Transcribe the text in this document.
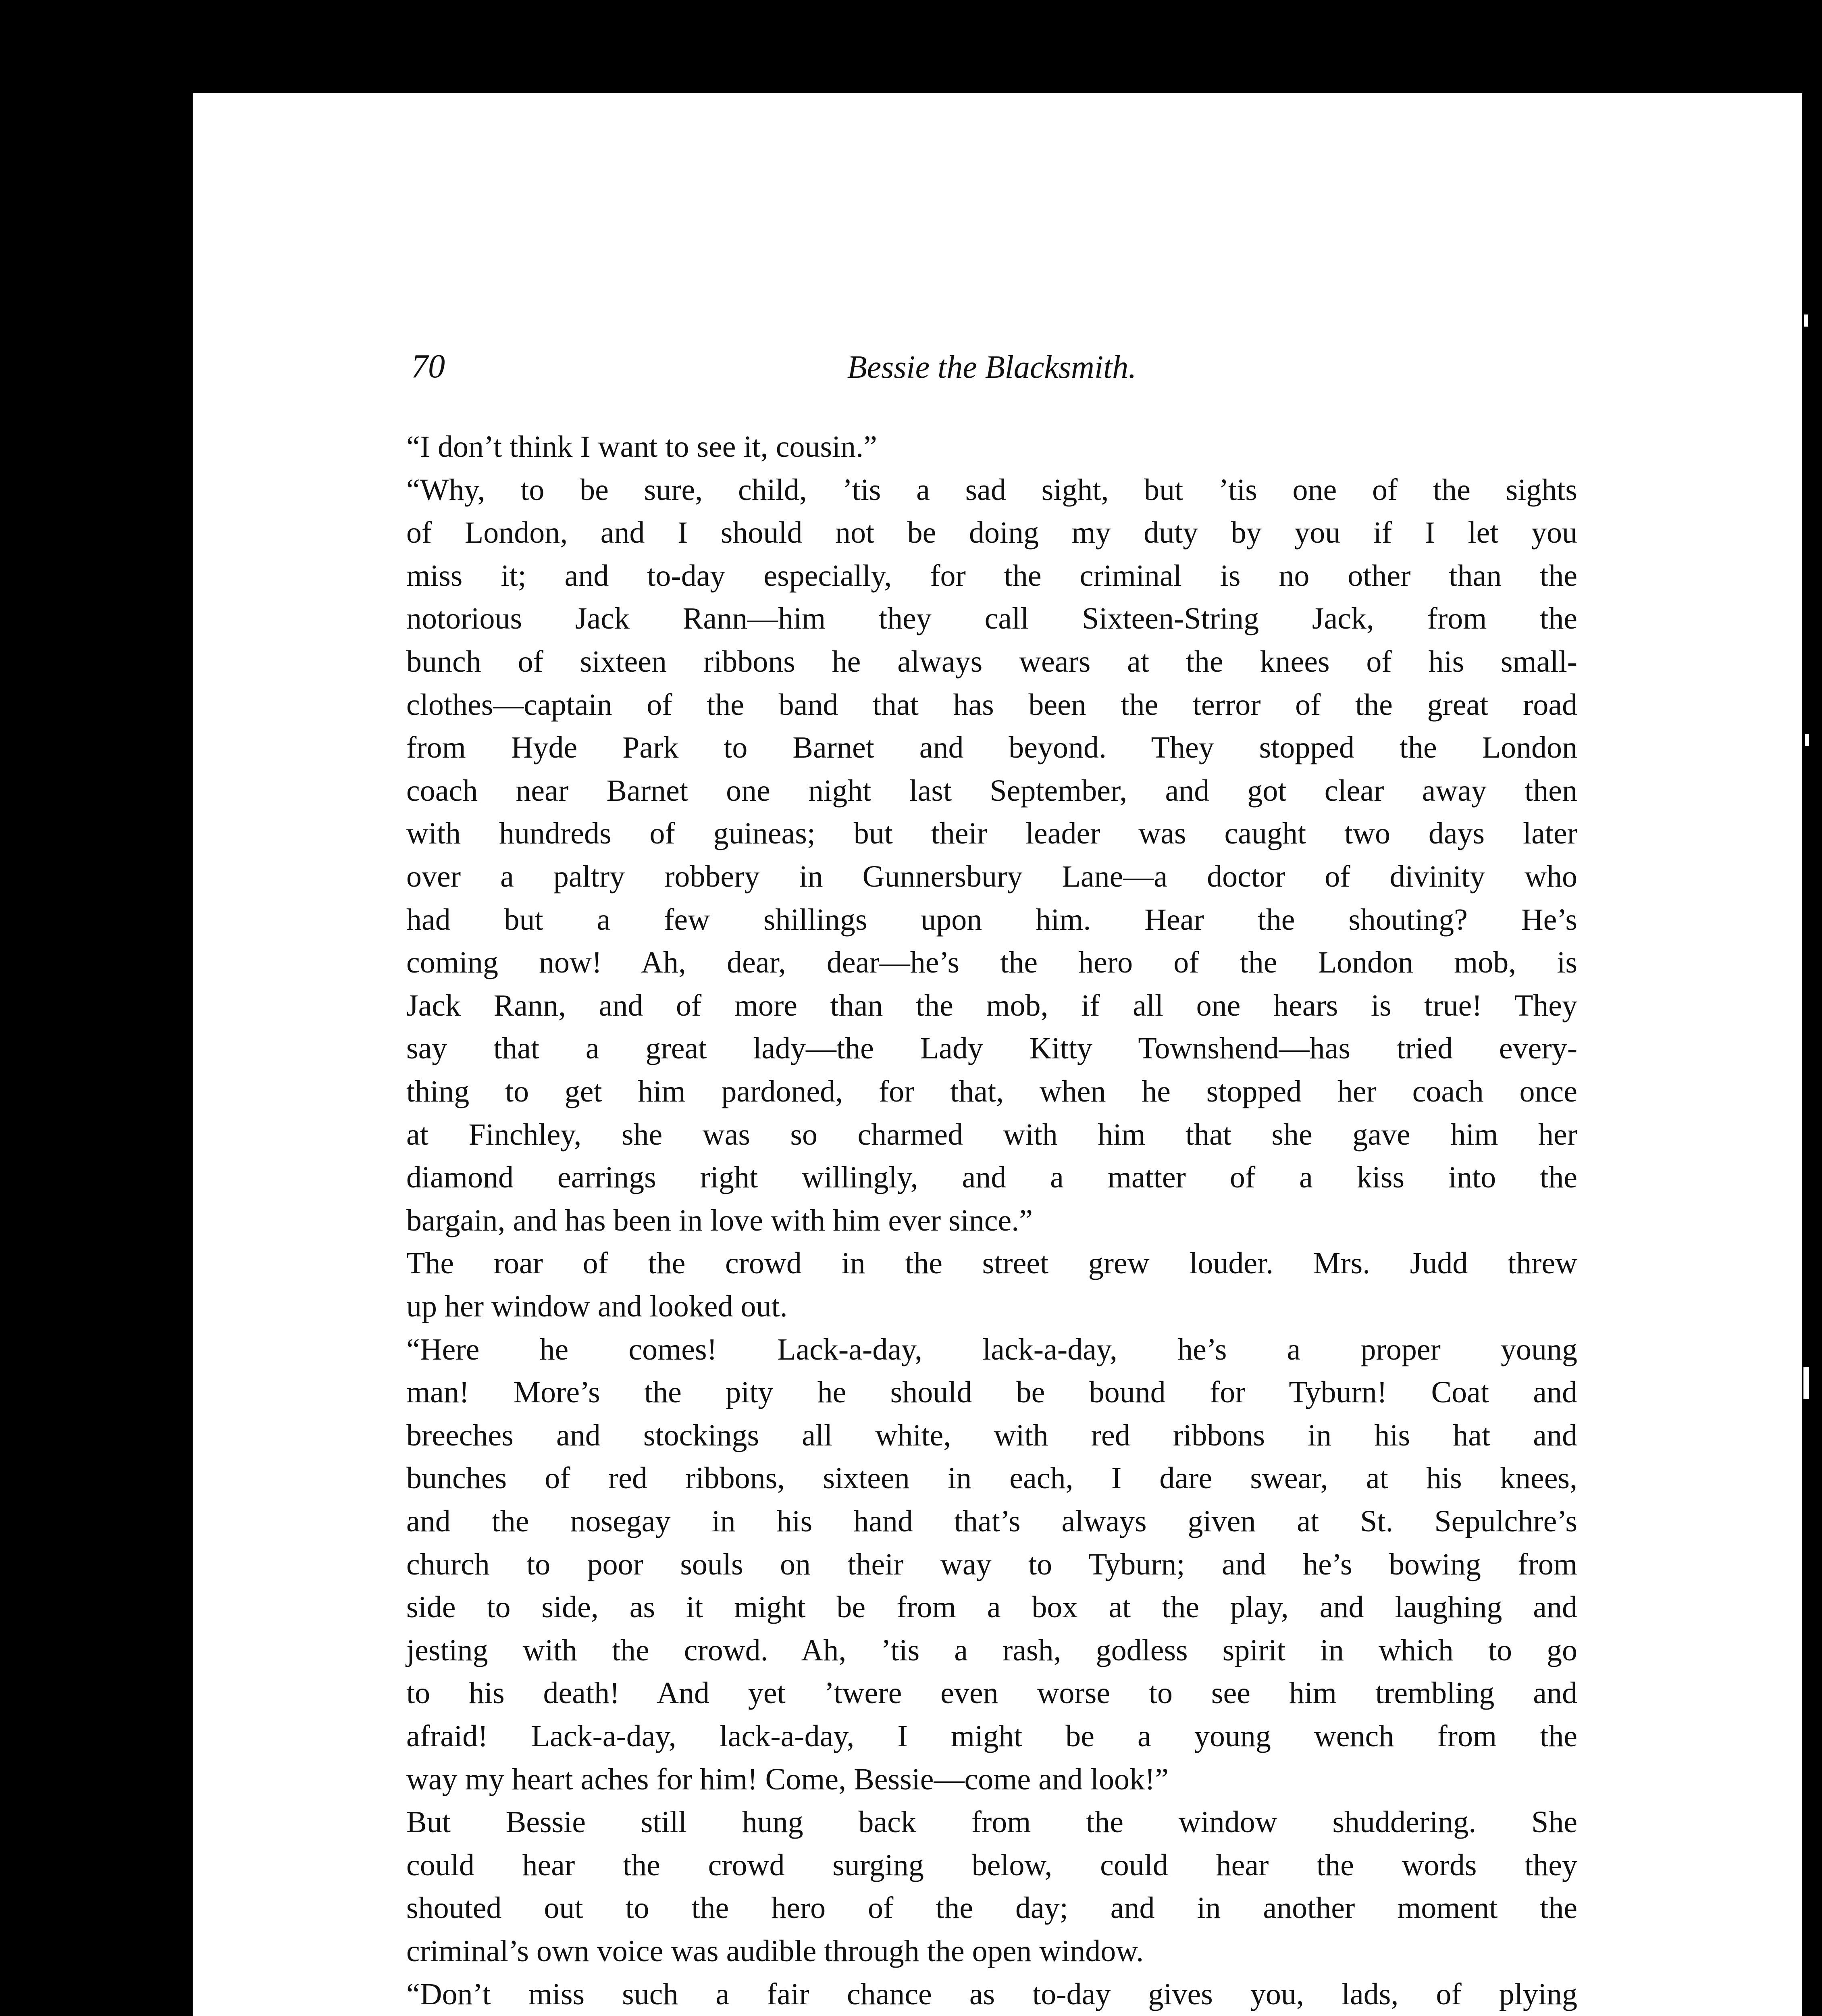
70	Bessie the Blacksmith.
“I don’t think I want to see it, cousin.”
“Why, to be sure, child, ’tis a sad sight, but ’tis one of the sights
of London, and I should not be doing my duty by you if I let you
miss it; and to-day especially, for the criminal is no other than the
notorious Jack Rann—him they call Sixteen-String Jack, from the
bunch of sixteen ribbons he always wears at the knees of his small-
clothes—captain of the band that has been the terror of the great road
from Hyde Park to Barnet and beyond. They stopped the London
coach near Barnet one night last September, and got clear away then
with hundreds of guineas; but their leader was caught two days later
over a paltry robbery in Gunnersbury Lane—a doctor of divinity who
had but a few shillings upon him. Hear the shouting? He’s
coming now! Ah, dear, dear—he’s the hero of the London mob, is
Jack Rann, and of more than the mob, if all one hears is true! They
say that a great lady—the Lady Kitty Townshend—has tried every-
thing to get him pardoned, for that, when he stopped her coach once
at Finchley, she was so charmed with him that she gave him her
diamond earrings right willingly, and a matter of a kiss into the
bargain, and has been in love with him ever since.”
The roar of the crowd in the street grew louder. Mrs. Judd threw
up her window and looked out.
“Here he comes! Lack-a-day, lack-a-day, he’s a proper young
man! More’s the pity he should be bound for Tyburn! Coat and
breeches and stockings all white, with red ribbons in his hat and
bunches of red ribbons, sixteen in each, I dare swear, at his knees,
and the nosegay in his hand that’s always given at St. Sepulchre’s
church to poor souls on their way to Tyburn; and he’s bowing from
side to side, as it might be from a box at the play, and laughing and
jesting with the crowd. Ah, ’tis a rash, godless spirit in which to go
to his death! And yet ’twere even worse to see him trembling and
afraid! Lack-a-day, lack-a-day, I might be a young wench from the
way my heart aches for him! Come, Bessie—come and look!”
But Bessie still hung back from the window shuddering. She
could hear the crowd surging below, could hear the words they
shouted out to the hero of the day; and in another moment the
criminal’s own voice was audible through the open window.
“Don’t miss such a fair chance as to-day gives you, lads, of plying
